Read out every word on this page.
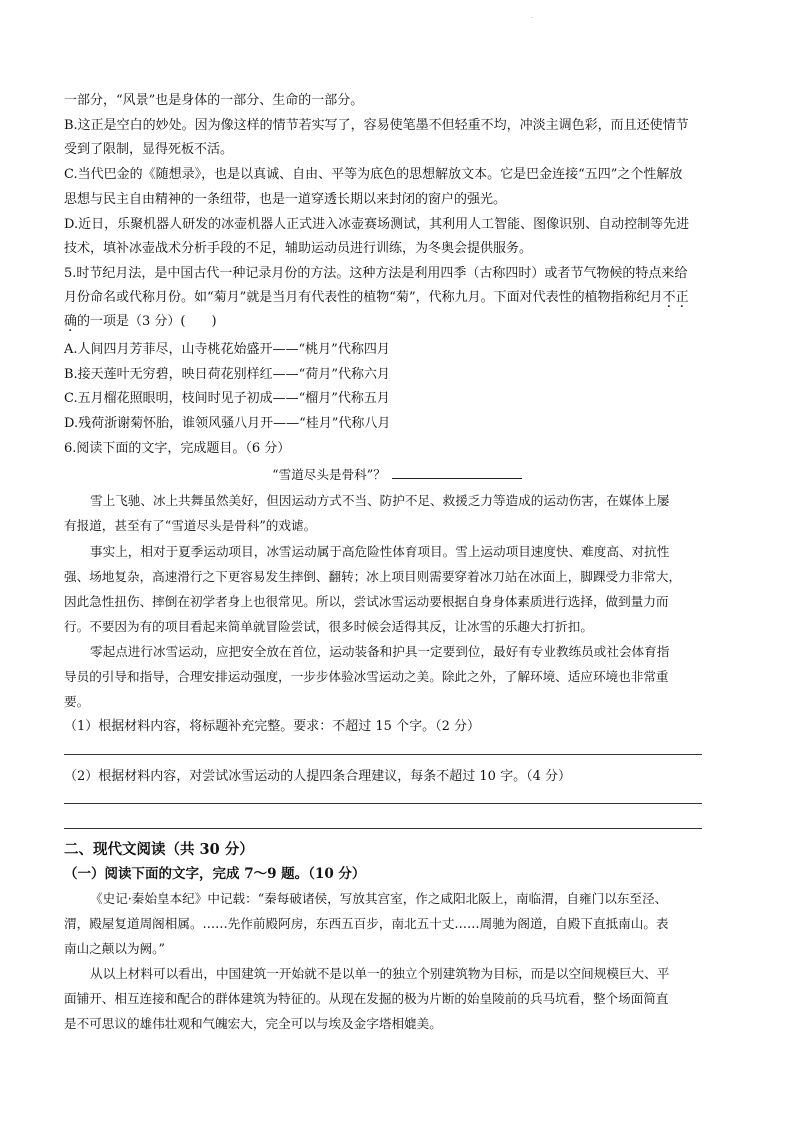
·
一部分，“风景”也是身体的一部分、生命的一部分。
B.这正是空白的妙处。因为像这样的情节若实写了，容易使笔墨不但轻重不均，冲淡主调色彩，而且还使情节
受到了限制，显得死板不活。
C.当代巴金的《随想录》，也是以真诚、自由、平等为底色的思想解放文本。它是巴金连接“五四”之个性解放
思想与民主自由精神的一条纽带，也是一道穿透长期以来封闭的窗户的强光。
D.近日，乐聚机器人研发的冰壶机器人正式进入冰壶赛场测试，其利用人工智能、图像识别、自动控制等先进
技术，填补冰壶战术分析手段的不足，辅助运动员进行训练，为冬奥会提供服务。
5.时节纪月法，是中国古代一种记录月份的方法。这种方法是利用四季（古称四时）或者节气物候的特点来给
月份命名或代称月份。如“菊月”就是当月有代表性的植物“菊”，代称九月。下面对代表性的植物指称纪月不正
确的一项是（3 分）(　　)
A.人间四月芳菲尽，山寺桃花始盛开——“桃月”代称四月
B.接天莲叶无穷碧，映日荷花别样红——“荷月”代称六月
C.五月榴花照眼明，枝间时见子初成——“榴月”代称五月
D.残荷浙谢菊怀胎，谁领风骚八月开——“桂月”代称八月
6.阅读下面的文字，完成题目。（6 分）
“雪道尽头是骨科”？
雪上飞驰、冰上共舞虽然美好，但因运动方式不当、防护不足、救援乏力等造成的运动伤害，在媒体上屡
有报道，甚至有了“雪道尽头是骨科”的戏谑。
事实上，相对于夏季运动项目，冰雪运动属于高危险性体育项目。雪上运动项目速度快、难度高、对抗性
强、场地复杂，高速滑行之下更容易发生摔倒、翻转；冰上项目则需要穿着冰刀站在冰面上，脚踝受力非常大，
因此急性扭伤、摔倒在初学者身上也很常见。所以，尝试冰雪运动要根据自身身体素质进行选择，做到量力而
行。不要因为有的项目看起来简单就冒险尝试，很多时候会适得其反，让冰雪的乐趣大打折扣。
零起点进行冰雪运动，应把安全放在首位，运动装备和护具一定要到位，最好有专业教练员或社会体育指
导员的引导和指导，合理安排运动强度，一步步体验冰雪运动之美。除此之外，了解环境、适应环境也非常重
要。
（1）根据材料内容，将标题补充完整。要求：不超过 15 个字。（2 分）
（2）根据材料内容，对尝试冰雪运动的人提四条合理建议，每条不超过 10 字。（4 分）
二、现代文阅读（共 30 分）
（一）阅读下面的文字，完成 7～9 题。（10 分）
《史记·秦始皇本纪》中记载：“秦每破诸侯，写放其宫室，作之咸阳北阪上，南临渭，自雍门以东至泾、
渭，殿屋复道周阁相属。……先作前殿阿房，东西五百步，南北五十丈……周驰为阁道，自殿下直抵南山。表
南山之颠以为阙。”
从以上材料可以看出，中国建筑一开始就不是以单一的独立个别建筑物为目标，而是以空间规模巨大、平
面铺开、相互连接和配合的群体建筑为特征的。从现在发掘的极为片断的始皇陵前的兵马坑看，整个场面简直
是不可思议的雄伟壮观和气魄宏大，完全可以与埃及金字塔相媲美。
